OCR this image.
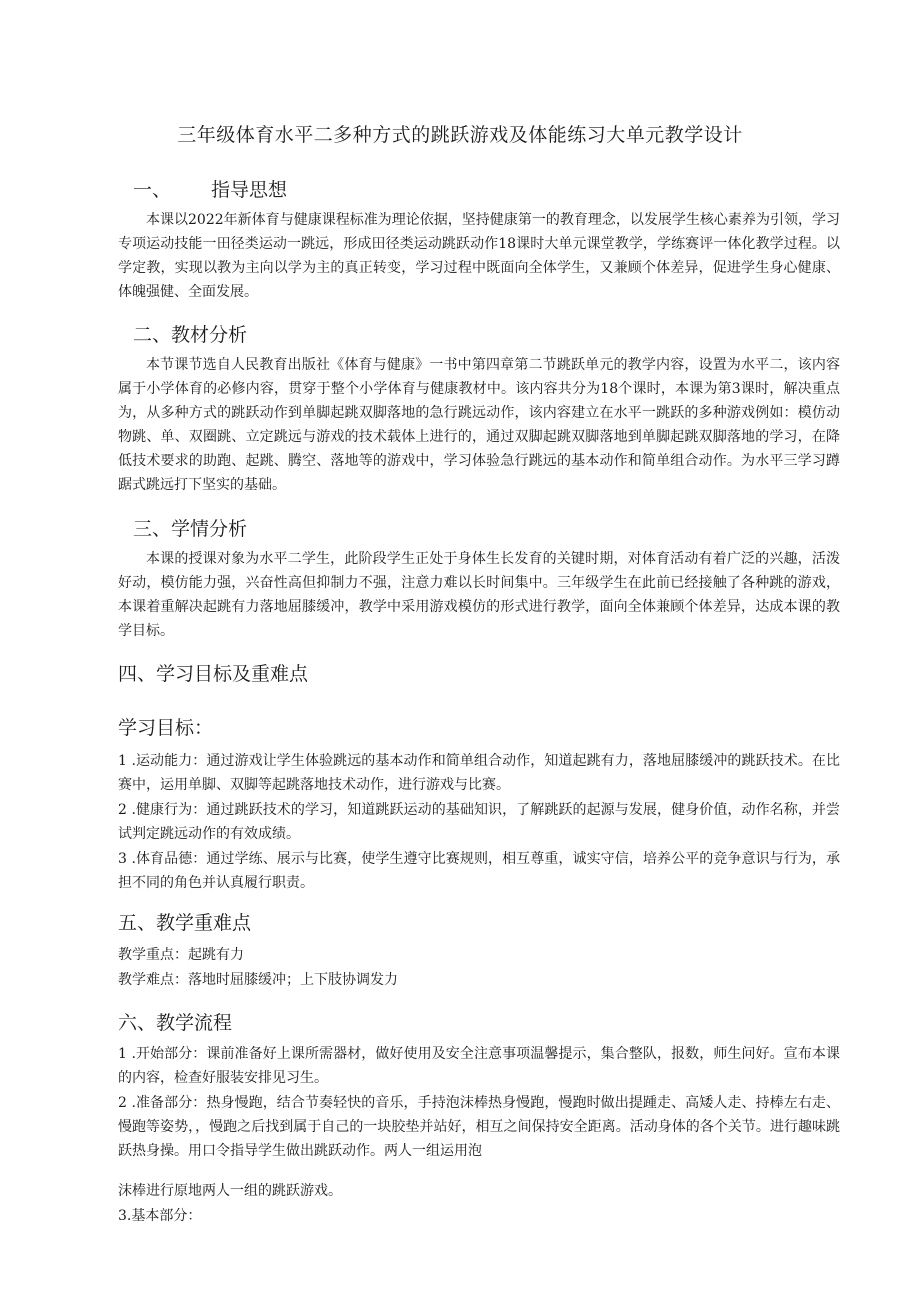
三年级体育水平二多种方式的跳跃游戏及体能练习大单元教学设计
一、 指导思想
本课以2022年新体育与健康课程标准为理论依据，坚持健康第一的教育理念，以发展学生核心素养为引领，学习专项运动技能一田径类运动一跳远，形成田径类运动跳跃动作18课时大单元课堂教学，学练赛评一体化教学过程。以学定教，实现以教为主向以学为主的真正转变，学习过程中既面向全体学生，又兼顾个体差异，促进学生身心健康、体魄强健、全面发展。
二、教材分析
本节课节选自人民教育出版社《体育与健康》一书中第四章第二节跳跃单元的教学内容，设置为水平二，该内容属于小学体育的必修内容，贯穿于整个小学体育与健康教材中。该内容共分为18个课时，本课为第3课时，解决重点为，从多种方式的跳跃动作到单脚起跳双脚落地的急行跳远动作，该内容建立在水平一跳跃的多种游戏例如：模仿动物跳、单、双圈跳、立定跳远与游戏的技术载体上进行的，通过双脚起跳双脚落地到单脚起跳双脚落地的学习，在降低技术要求的助跑、起跳、腾空、落地等的游戏中，学习体验急行跳远的基本动作和简单组合动作。为水平三学习蹲踞式跳远打下坚实的基础。
三、学情分析
本课的授课对象为水平二学生，此阶段学生正处于身体生长发育的关键时期，对体育活动有着广泛的兴趣，活泼好动，模仿能力强，兴奋性高但抑制力不强，注意力难以长时间集中。三年级学生在此前已经接触了各种跳的游戏，本课着重解决起跳有力落地屈膝缓冲，教学中采用游戏模仿的形式进行教学，面向全体兼顾个体差异，达成本课的教学目标。
四、学习目标及重难点
学习目标：
1 .运动能力：通过游戏让学生体验跳远的基本动作和简单组合动作，知道起跳有力，落地屈膝缓冲的跳跃技术。在比赛中，运用单脚、双脚等起跳落地技术动作，进行游戏与比赛。
2 .健康行为：通过跳跃技术的学习，知道跳跃运动的基础知识，了解跳跃的起源与发展，健身价值，动作名称，并尝试判定跳远动作的有效成绩。
3 .体育品德：通过学练、展示与比赛，使学生遵守比赛规则，相互尊重，诚实守信，培养公平的竞争意识与行为，承担不同的角色并认真履行职责。
五、教学重难点
教学重点：起跳有力
教学难点：落地时屈膝缓冲；上下肢协调发力
六、教学流程
1 .开始部分：课前准备好上课所需器材，做好使用及安全注意事项温馨提示，集合整队，报数，师生问好。宣布本课的内容，检查好服装安排见习生。
2 .准备部分：热身慢跑，结合节奏轻快的音乐，手持泡沫棒热身慢跑，慢跑时做出提踵走、高矮人走、持棒左右走、慢跑等姿势，，慢跑之后找到属于自己的一块胶垫并站好，相互之间保持安全距离。活动身体的各个关节。进行趣味跳跃热身操。用口令指导学生做出跳跃动作。两人一组运用泡
沫棒进行原地两人一组的跳跃游戏。
3.基本部分：
